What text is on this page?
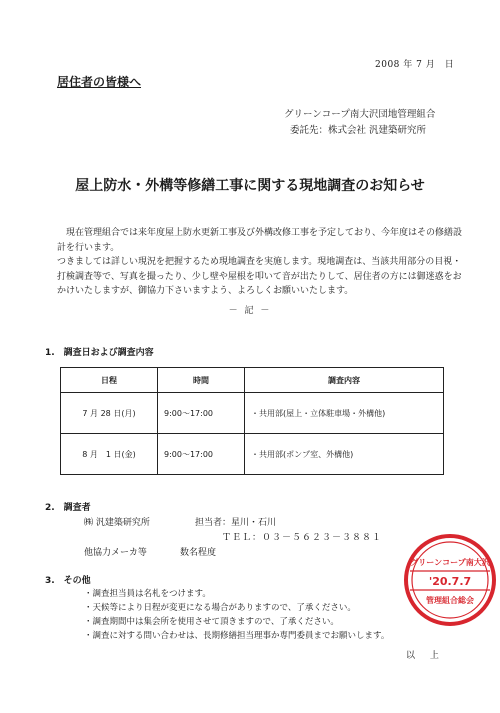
2008 年 7 月　日
居住者の皆様へ
グリーンコープ南大沢団地管理組合
委託先：株式会社 汎建築研究所
屋上防水・外構等修繕工事に関する現地調査のお知らせ

　現在管理組合では来年度屋上防水更新工事及び外構改修工事を予定しており、今年度はその修繕設計を行います。

つきましては詳しい現況を把握するため現地調査を実施します。現地調査は、当該共用部分の目視・打検調査等で、写真を撮ったり、少し壁や屋根を叩いて音が出たりして、居住者の方には御迷惑をおかけいたしますが、御協力下さいますよう、よろしくお願いいたします。

－ 記 －
1.　調査日および調査内容
日程	時間	調査内容
7 月 28 日(月)	9:00～17:00	・共用部(屋上・立体駐車場・外構他)
8 月　1 日(金)	9:00～17:00	・共用部(ポンプ室、外構他)
2.　調査者
㈱ 汎建築研究所	担当者：星川・石川
ＴＥＬ：０３－５６２３－３８８１
他協力メーカ等	数名程度
3.　その他
・調査担当員は名札をつけます。
・天候等により日程が変更になる場合がありますので、了承ください。
・調査期間中は集会所を使用させて頂きますので、了承ください。
・調査に対する問い合わせは、長期修繕担当理事か専門委員までお願いします。
以 上
グリーンコープ南大沢
'20.7.7
管理組合総会
